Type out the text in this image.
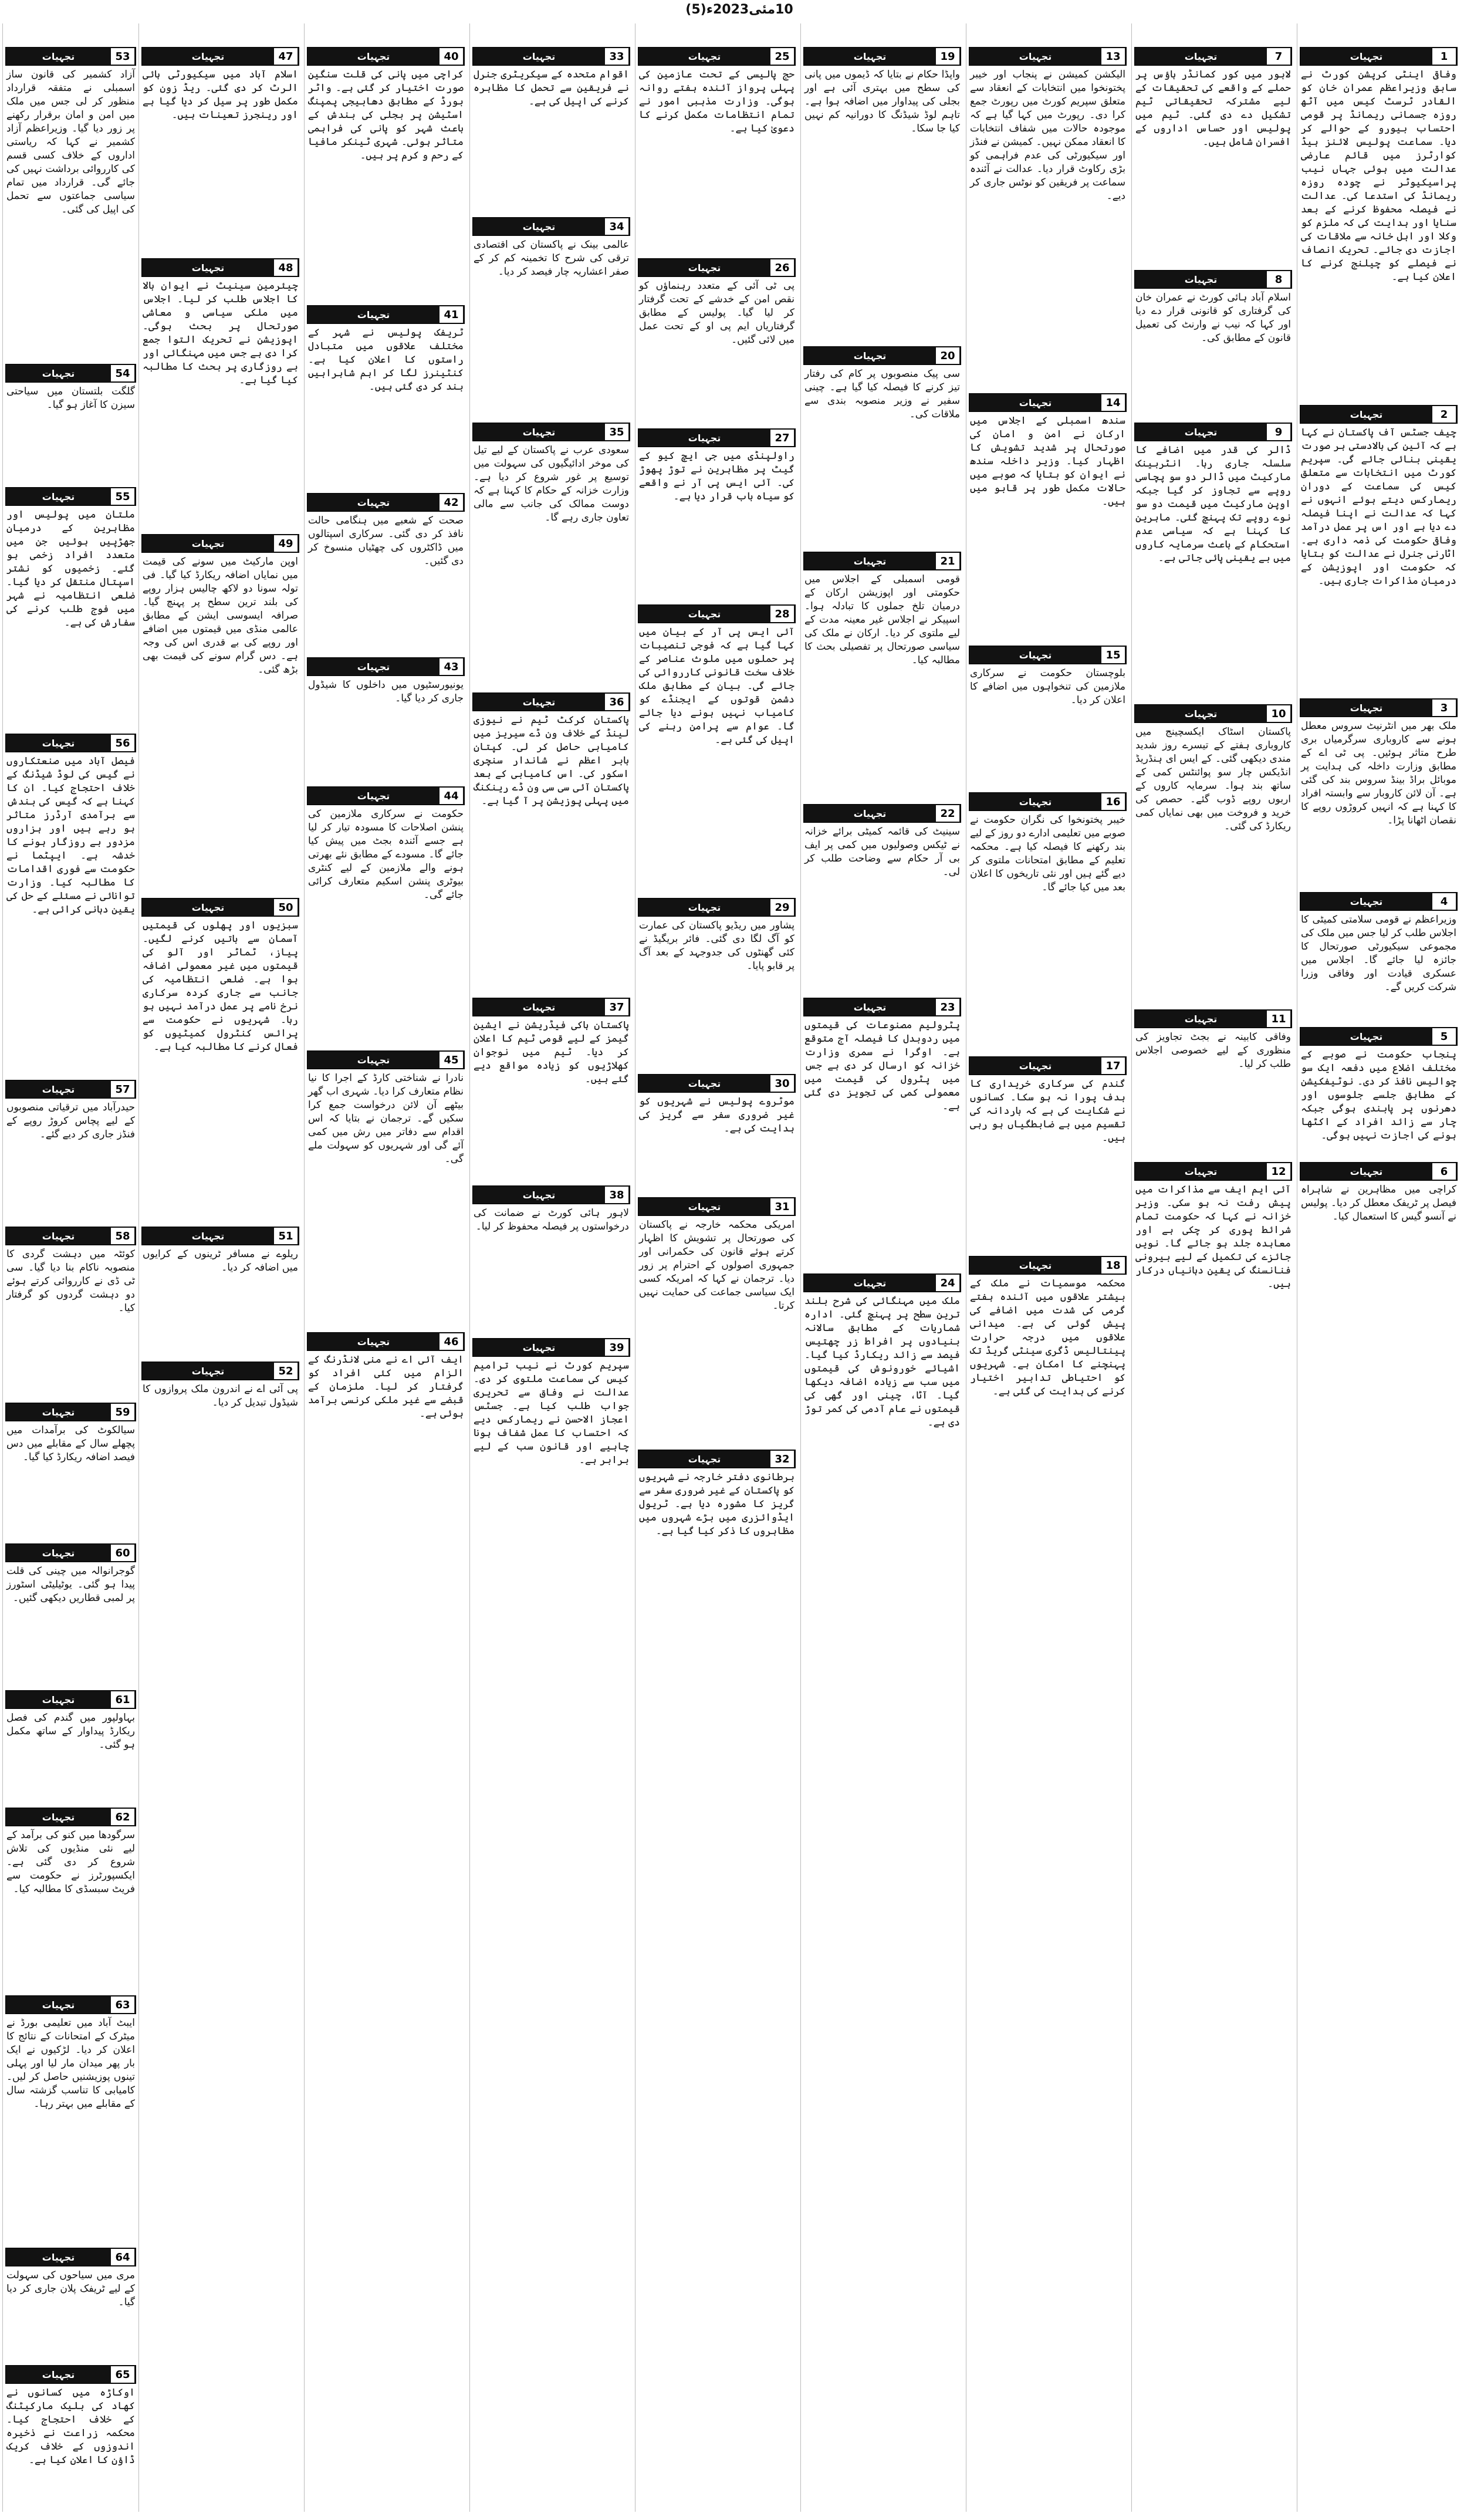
10مئی2023ء(5)
1
تجہیات
وفاقی اینٹی کرپشن کورٹ نے سابق وزیراعظم عمران خان کو القادر ٹرسٹ کیس میں آٹھ روزہ جسمانی ریمانڈ پر قومی احتساب بیورو کے حوالے کر دیا۔ سماعت پولیس لائنز ہیڈ کوارٹرز میں قائم عارضی عدالت میں ہوئی جہاں نیب پراسیکیوٹر نے چودہ روزہ ریمانڈ کی استدعا کی۔ عدالت نے فیصلہ محفوظ کرنے کے بعد سنایا اور ہدایت کی کہ ملزم کو وکلا اور اہل خانہ سے ملاقات کی اجازت دی جائے۔ تحریک انصاف نے فیصلے کو چیلنج کرنے کا اعلان کیا ہے۔
2
تجہیات
چیف جسٹس آف پاکستان نے کہا ہے کہ آئین کی بالادستی ہر صورت یقینی بنائی جائے گی۔ سپریم کورٹ میں انتخابات سے متعلق کیس کی سماعت کے دوران ریمارکس دیتے ہوئے انہوں نے کہا کہ عدالت نے اپنا فیصلہ دے دیا ہے اور اس پر عمل درآمد وفاقی حکومت کی ذمہ داری ہے۔ اٹارنی جنرل نے عدالت کو بتایا کہ حکومت اور اپوزیشن کے درمیان مذاکرات جاری ہیں۔
3
تجہیات
ملک بھر میں انٹرنیٹ سروس معطل ہونے سے کاروباری سرگرمیاں بری طرح متاثر ہوئیں۔ پی ٹی اے کے مطابق وزارت داخلہ کی ہدایت پر موبائل براڈ بینڈ سروس بند کی گئی ہے۔ آن لائن کاروبار سے وابستہ افراد کا کہنا ہے کہ انہیں کروڑوں روپے کا نقصان اٹھانا پڑا۔
4
تجہیات
وزیراعظم نے قومی سلامتی کمیٹی کا اجلاس طلب کر لیا جس میں ملک کی مجموعی سیکیورٹی صورتحال کا جائزہ لیا جائے گا۔ اجلاس میں عسکری قیادت اور وفاقی وزرا شرکت کریں گے۔
5
تجہیات
پنجاب حکومت نے صوبے کے مختلف اضلاع میں دفعہ ایک سو چوالیس نافذ کر دی۔ نوٹیفکیشن کے مطابق جلسے جلوسوں اور دھرنوں پر پابندی ہوگی جبکہ چار سے زائد افراد کے اکٹھا ہونے کی اجازت نہیں ہوگی۔
6
تجہیات
کراچی میں مظاہرین نے شاہراہ فیصل پر ٹریفک معطل کر دیا۔ پولیس نے آنسو گیس کا استعمال کیا۔
7
تجہیات
لاہور میں کور کمانڈر ہاؤس پر حملے کے واقعے کی تحقیقات کے لیے مشترکہ تحقیقاتی ٹیم تشکیل دے دی گئی۔ ٹیم میں پولیس اور حساس اداروں کے افسران شامل ہیں۔
8
تجہیات
اسلام آباد ہائی کورٹ نے عمران خان کی گرفتاری کو قانونی قرار دے دیا اور کہا کہ نیب نے وارنٹ کی تعمیل قانون کے مطابق کی۔
9
تجہیات
ڈالر کی قدر میں اضافے کا سلسلہ جاری رہا۔ انٹربینک مارکیٹ میں ڈالر دو سو پچاسی روپے سے تجاوز کر گیا جبکہ اوپن مارکیٹ میں قیمت دو سو نوے روپے تک پہنچ گئی۔ ماہرین کا کہنا ہے کہ سیاسی عدم استحکام کے باعث سرمایہ کاروں میں بے یقینی پائی جاتی ہے۔
10
تجہیات
پاکستان اسٹاک ایکسچینج میں کاروباری ہفتے کے تیسرے روز شدید مندی دیکھی گئی۔ کے ایس ای ہنڈریڈ انڈیکس چار سو پوائنٹس کمی کے ساتھ بند ہوا۔ سرمایہ کاروں کے اربوں روپے ڈوب گئے۔ حصص کی خرید و فروخت میں بھی نمایاں کمی ریکارڈ کی گئی۔
11
تجہیات
وفاقی کابینہ نے بجٹ تجاویز کی منظوری کے لیے خصوصی اجلاس طلب کر لیا۔
12
تجہیات
آئی ایم ایف سے مذاکرات میں پیش رفت نہ ہو سکی۔ وزیر خزانہ نے کہا کہ حکومت تمام شرائط پوری کر چکی ہے اور معاہدہ جلد ہو جائے گا۔ نویں جائزے کی تکمیل کے لیے بیرونی فنانسنگ کی یقین دہانیاں درکار ہیں۔
13
تجہیات
الیکشن کمیشن نے پنجاب اور خیبر پختونخوا میں انتخابات کے انعقاد سے متعلق سپریم کورٹ میں رپورٹ جمع کرا دی۔ رپورٹ میں کہا گیا ہے کہ موجودہ حالات میں شفاف انتخابات کا انعقاد ممکن نہیں۔ کمیشن نے فنڈز اور سیکیورٹی کی عدم فراہمی کو بڑی رکاوٹ قرار دیا۔ عدالت نے آئندہ سماعت پر فریقین کو نوٹس جاری کر دیے۔
14
تجہیات
سندھ اسمبلی کے اجلاس میں ارکان نے امن و امان کی صورتحال پر شدید تشویش کا اظہار کیا۔ وزیر داخلہ سندھ نے ایوان کو بتایا کہ صوبے میں حالات مکمل طور پر قابو میں ہیں۔
15
تجہیات
بلوچستان حکومت نے سرکاری ملازمین کی تنخواہوں میں اضافے کا اعلان کر دیا۔
16
تجہیات
خیبر پختونخوا کی نگران حکومت نے صوبے میں تعلیمی ادارے دو روز کے لیے بند رکھنے کا فیصلہ کیا ہے۔ محکمہ تعلیم کے مطابق امتحانات ملتوی کر دیے گئے ہیں اور نئی تاریخوں کا اعلان بعد میں کیا جائے گا۔
17
تجہیات
گندم کی سرکاری خریداری کا ہدف پورا نہ ہو سکا۔ کسانوں نے شکایت کی ہے کہ باردانہ کی تقسیم میں بے ضابطگیاں ہو رہی ہیں۔
18
تجہیات
محکمہ موسمیات نے ملک کے بیشتر علاقوں میں آئندہ ہفتے گرمی کی شدت میں اضافے کی پیش گوئی کی ہے۔ میدانی علاقوں میں درجہ حرارت پینتالیس ڈگری سینٹی گریڈ تک پہنچنے کا امکان ہے۔ شہریوں کو احتیاطی تدابیر اختیار کرنے کی ہدایت کی گئی ہے۔
19
تجہیات
واپڈا حکام نے بتایا کہ ڈیموں میں پانی کی سطح میں بہتری آئی ہے اور بجلی کی پیداوار میں اضافہ ہوا ہے۔ تاہم لوڈ شیڈنگ کا دورانیہ کم نہیں کیا جا سکا۔
20
تجہیات
سی پیک منصوبوں پر کام کی رفتار تیز کرنے کا فیصلہ کیا گیا ہے۔ چینی سفیر نے وزیر منصوبہ بندی سے ملاقات کی۔
21
تجہیات
قومی اسمبلی کے اجلاس میں حکومتی اور اپوزیشن ارکان کے درمیان تلخ جملوں کا تبادلہ ہوا۔ اسپیکر نے اجلاس غیر معینہ مدت کے لیے ملتوی کر دیا۔ ارکان نے ملک کی سیاسی صورتحال پر تفصیلی بحث کا مطالبہ کیا۔
22
تجہیات
سینیٹ کی قائمہ کمیٹی برائے خزانہ نے ٹیکس وصولیوں میں کمی پر ایف بی آر حکام سے وضاحت طلب کر لی۔
23
تجہیات
پٹرولیم مصنوعات کی قیمتوں میں ردوبدل کا فیصلہ آج متوقع ہے۔ اوگرا نے سمری وزارت خزانہ کو ارسال کر دی ہے جس میں پٹرول کی قیمت میں معمولی کمی کی تجویز دی گئی ہے۔
24
تجہیات
ملک میں مہنگائی کی شرح بلند ترین سطح پر پہنچ گئی۔ ادارہ شماریات کے مطابق سالانہ بنیادوں پر افراط زر چھتیس فیصد سے زائد ریکارڈ کیا گیا۔ اشیائے خورونوش کی قیمتوں میں سب سے زیادہ اضافہ دیکھا گیا۔ آٹا، چینی اور گھی کی قیمتوں نے عام آدمی کی کمر توڑ دی ہے۔
25
تجہیات
حج پالیسی کے تحت عازمین کی پہلی پرواز آئندہ ہفتے روانہ ہوگی۔ وزارت مذہبی امور نے تمام انتظامات مکمل کرنے کا دعویٰ کیا ہے۔
26
تجہیات
پی ٹی آئی کے متعدد رہنماؤں کو نقص امن کے خدشے کے تحت گرفتار کر لیا گیا۔ پولیس کے مطابق گرفتاریاں ایم پی او کے تحت عمل میں لائی گئیں۔
27
تجہیات
راولپنڈی میں جی ایچ کیو کے گیٹ پر مظاہرین نے توڑ پھوڑ کی۔ آئی ایس پی آر نے واقعے کو سیاہ باب قرار دیا ہے۔
28
تجہیات
آئی ایس پی آر کے بیان میں کہا گیا ہے کہ فوجی تنصیبات پر حملوں میں ملوث عناصر کے خلاف سخت قانونی کارروائی کی جائے گی۔ بیان کے مطابق ملک دشمن قوتوں کے ایجنڈے کو کامیاب نہیں ہونے دیا جائے گا۔ عوام سے پرامن رہنے کی اپیل کی گئی ہے۔
29
تجہیات
پشاور میں ریڈیو پاکستان کی عمارت کو آگ لگا دی گئی۔ فائر بریگیڈ نے کئی گھنٹوں کی جدوجہد کے بعد آگ پر قابو پایا۔
30
تجہیات
موٹروے پولیس نے شہریوں کو غیر ضروری سفر سے گریز کی ہدایت کی ہے۔
31
تجہیات
امریکی محکمہ خارجہ نے پاکستان کی صورتحال پر تشویش کا اظہار کرتے ہوئے قانون کی حکمرانی اور جمہوری اصولوں کے احترام پر زور دیا۔ ترجمان نے کہا کہ امریکہ کسی ایک سیاسی جماعت کی حمایت نہیں کرتا۔
32
تجہیات
برطانوی دفتر خارجہ نے شہریوں کو پاکستان کے غیر ضروری سفر سے گریز کا مشورہ دیا ہے۔ ٹریول ایڈوائزری میں بڑے شہروں میں مظاہروں کا ذکر کیا گیا ہے۔
33
تجہیات
اقوام متحدہ کے سیکریٹری جنرل نے فریقین سے تحمل کا مظاہرہ کرنے کی اپیل کی ہے۔
34
تجہیات
عالمی بینک نے پاکستان کی اقتصادی ترقی کی شرح کا تخمینہ کم کر کے صفر اعشاریہ چار فیصد کر دیا۔
35
تجہیات
سعودی عرب نے پاکستان کے لیے تیل کی موخر ادائیگیوں کی سہولت میں توسیع پر غور شروع کر دیا ہے۔ وزارت خزانہ کے حکام کا کہنا ہے کہ دوست ممالک کی جانب سے مالی تعاون جاری رہے گا۔
36
تجہیات
پاکستان کرکٹ ٹیم نے نیوزی لینڈ کے خلاف ون ڈے سیریز میں کامیابی حاصل کر لی۔ کپتان بابر اعظم نے شاندار سنچری اسکور کی۔ اس کامیابی کے بعد پاکستان آئی سی سی ون ڈے رینکنگ میں پہلی پوزیشن پر آ گیا ہے۔
37
تجہیات
پاکستان ہاکی فیڈریشن نے ایشین گیمز کے لیے قومی ٹیم کا اعلان کر دیا۔ ٹیم میں نوجوان کھلاڑیوں کو زیادہ مواقع دیے گئے ہیں۔
38
تجہیات
لاہور ہائی کورٹ نے ضمانت کی درخواستوں پر فیصلہ محفوظ کر لیا۔
39
تجہیات
سپریم کورٹ نے نیب ترامیم کیس کی سماعت ملتوی کر دی۔ عدالت نے وفاق سے تحریری جواب طلب کیا ہے۔ جسٹس اعجاز الاحسن نے ریمارکس دیے کہ احتساب کا عمل شفاف ہونا چاہیے اور قانون سب کے لیے برابر ہے۔
40
تجہیات
کراچی میں پانی کی قلت سنگین صورت اختیار کر گئی ہے۔ واٹر بورڈ کے مطابق دھابیجی پمپنگ اسٹیشن پر بجلی کی بندش کے باعث شہر کو پانی کی فراہمی متاثر ہوئی۔ شہری ٹینکر مافیا کے رحم و کرم پر ہیں۔
41
تجہیات
ٹریفک پولیس نے شہر کے مختلف علاقوں میں متبادل راستوں کا اعلان کیا ہے۔ کنٹینرز لگا کر اہم شاہراہیں بند کر دی گئی ہیں۔
42
تجہیات
صحت کے شعبے میں ہنگامی حالت نافذ کر دی گئی۔ سرکاری اسپتالوں میں ڈاکٹروں کی چھٹیاں منسوخ کر دی گئیں۔
43
تجہیات
یونیورسٹیوں میں داخلوں کا شیڈول جاری کر دیا گیا۔
44
تجہیات
حکومت نے سرکاری ملازمین کی پنشن اصلاحات کا مسودہ تیار کر لیا ہے جسے آئندہ بجٹ میں پیش کیا جائے گا۔ مسودے کے مطابق نئے بھرتی ہونے والے ملازمین کے لیے کنٹری بیوٹری پنشن اسکیم متعارف کرائی جائے گی۔
45
تجہیات
نادرا نے شناختی کارڈ کے اجرا کا نیا نظام متعارف کرا دیا۔ شہری اب گھر بیٹھے آن لائن درخواست جمع کرا سکیں گے۔ ترجمان نے بتایا کہ اس اقدام سے دفاتر میں رش میں کمی آئے گی اور شہریوں کو سہولت ملے گی۔
46
تجہیات
ایف آئی اے نے منی لانڈرنگ کے الزام میں کئی افراد کو گرفتار کر لیا۔ ملزمان کے قبضے سے غیر ملکی کرنسی برآمد ہوئی ہے۔
47
تجہیات
اسلام آباد میں سیکیورٹی ہائی الرٹ کر دی گئی۔ ریڈ زون کو مکمل طور پر سیل کر دیا گیا ہے اور رینجرز تعینات ہیں۔
48
تجہیات
چیئرمین سینیٹ نے ایوان بالا کا اجلاس طلب کر لیا۔ اجلاس میں ملکی سیاسی و معاشی صورتحال پر بحث ہوگی۔ اپوزیشن نے تحریک التوا جمع کرا دی ہے جس میں مہنگائی اور بے روزگاری پر بحث کا مطالبہ کیا گیا ہے۔
49
تجہیات
اوپن مارکیٹ میں سونے کی قیمت میں نمایاں اضافہ ریکارڈ کیا گیا۔ فی تولہ سونا دو لاکھ چالیس ہزار روپے کی بلند ترین سطح پر پہنچ گیا۔ صرافہ ایسوسی ایشن کے مطابق عالمی منڈی میں قیمتوں میں اضافے اور روپے کی بے قدری اس کی وجہ ہے۔ دس گرام سونے کی قیمت بھی بڑھ گئی۔
50
تجہیات
سبزیوں اور پھلوں کی قیمتیں آسمان سے باتیں کرنے لگیں۔ پیاز، ٹماٹر اور آلو کی قیمتوں میں غیر معمولی اضافہ ہوا ہے۔ ضلعی انتظامیہ کی جانب سے جاری کردہ سرکاری نرخ نامے پر عمل درآمد نہیں ہو رہا۔ شہریوں نے حکومت سے پرائس کنٹرول کمیٹیوں کو فعال کرنے کا مطالبہ کیا ہے۔
51
تجہیات
ریلوے نے مسافر ٹرینوں کے کرایوں میں اضافہ کر دیا۔
52
تجہیات
پی آئی اے نے اندرون ملک پروازوں کا شیڈول تبدیل کر دیا۔
53
تجہیات
آزاد کشمیر کی قانون ساز اسمبلی نے متفقہ قرارداد منظور کر لی جس میں ملک میں امن و امان برقرار رکھنے پر زور دیا گیا۔ وزیراعظم آزاد کشمیر نے کہا کہ ریاستی اداروں کے خلاف کسی قسم کی کارروائی برداشت نہیں کی جائے گی۔ قرارداد میں تمام سیاسی جماعتوں سے تحمل کی اپیل کی گئی۔
54
تجہیات
گلگت بلتستان میں سیاحتی سیزن کا آغاز ہو گیا۔
55
تجہیات
ملتان میں پولیس اور مظاہرین کے درمیان جھڑپیں ہوئیں جن میں متعدد افراد زخمی ہو گئے۔ زخمیوں کو نشتر اسپتال منتقل کر دیا گیا۔ ضلعی انتظامیہ نے شہر میں فوج طلب کرنے کی سفارش کی ہے۔
56
تجہیات
فیصل آباد میں صنعتکاروں نے گیس کی لوڈ شیڈنگ کے خلاف احتجاج کیا۔ ان کا کہنا ہے کہ گیس کی بندش سے برآمدی آرڈرز متاثر ہو رہے ہیں اور ہزاروں مزدور بے روزگار ہونے کا خدشہ ہے۔ ایپٹما نے حکومت سے فوری اقدامات کا مطالبہ کیا۔ وزارت توانائی نے مسئلے کے حل کی یقین دہانی کرائی ہے۔
57
تجہیات
حیدرآباد میں ترقیاتی منصوبوں کے لیے پچاس کروڑ روپے کے فنڈز جاری کر دیے گئے۔
58
تجہیات
کوئٹہ میں دہشت گردی کا منصوبہ ناکام بنا دیا گیا۔ سی ٹی ڈی نے کارروائی کرتے ہوئے دو دہشت گردوں کو گرفتار کیا۔
59
تجہیات
سیالکوٹ کی برآمدات میں پچھلے سال کے مقابلے میں دس فیصد اضافہ ریکارڈ کیا گیا۔
60
تجہیات
گوجرانوالہ میں چینی کی قلت پیدا ہو گئی۔ یوٹیلیٹی اسٹورز پر لمبی قطاریں دیکھی گئیں۔
61
تجہیات
بہاولپور میں گندم کی فصل ریکارڈ پیداوار کے ساتھ مکمل ہو گئی۔
62
تجہیات
سرگودھا میں کنو کی برآمد کے لیے نئی منڈیوں کی تلاش شروع کر دی گئی ہے۔ ایکسپورٹرز نے حکومت سے فریٹ سبسڈی کا مطالبہ کیا۔
63
تجہیات
ایبٹ آباد میں تعلیمی بورڈ نے میٹرک کے امتحانات کے نتائج کا اعلان کر دیا۔ لڑکیوں نے ایک بار پھر میدان مار لیا اور پہلی تینوں پوزیشنیں حاصل کر لیں۔ کامیابی کا تناسب گزشتہ سال کے مقابلے میں بہتر رہا۔
64
تجہیات
مری میں سیاحوں کی سہولت کے لیے ٹریفک پلان جاری کر دیا گیا۔
65
تجہیات
اوکاڑہ میں کسانوں نے کھاد کی بلیک مارکیٹنگ کے خلاف احتجاج کیا۔ محکمہ زراعت نے ذخیرہ اندوزوں کے خلاف کریک ڈاؤن کا اعلان کیا ہے۔
